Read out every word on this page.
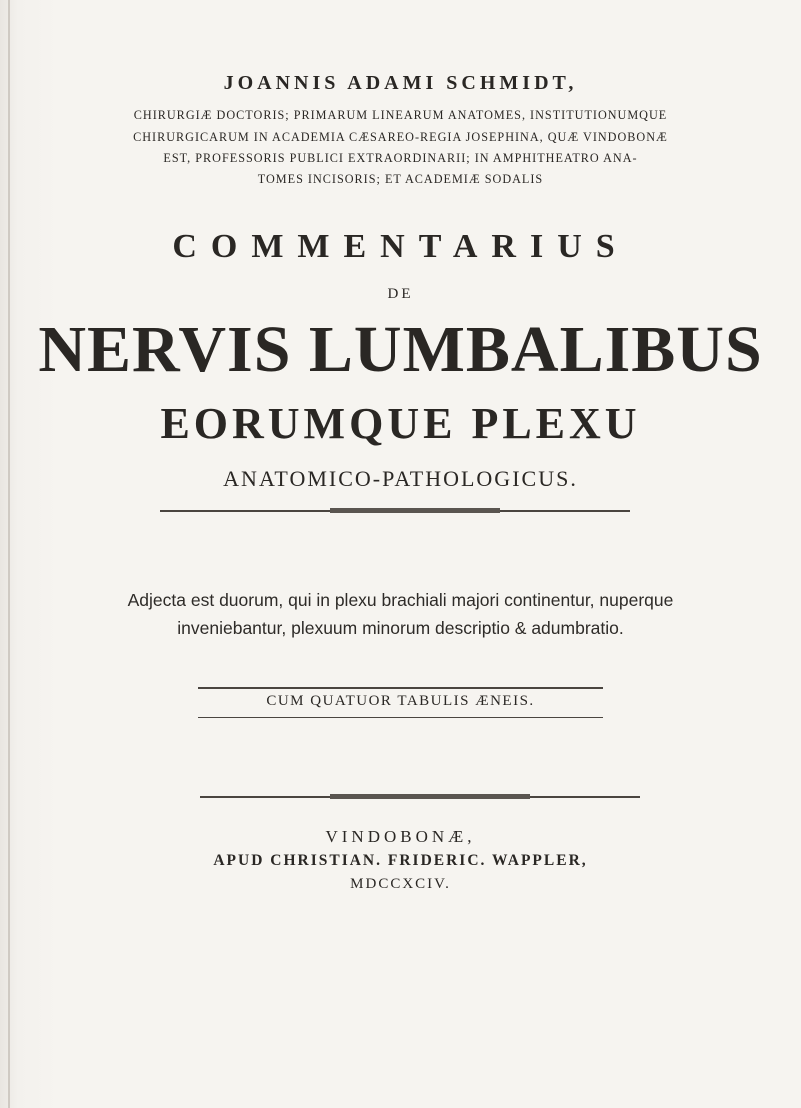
JOANNIS ADAMI SCHMIDT,
CHIRURGIÆ DOCTORIS; PRIMARUM LINEARUM ANATOMES, INSTITUTIONUMQUE
CHIRURGICARUM IN ACADEMIA CÆSAREO-REGIA JOSEPHINA, QUÆ VINDOBONÆ
EST, PROFESSORIS PUBLICI EXTRAORDINARII; IN AMPHITHEATRO ANA-
TOMES INCISORIS; ET ACADEMIÆ SODALIS
COMMENTARIUS
DE
NERVIS LUMBALIBUS
EORUMQUE PLEXU
ANATOMICO-PATHOLOGICUS.
Adjecta est duorum, qui in plexu brachiali majori continentur, nuperque
inveniebantur, plexuum minorum descriptio & adumbratio.
CUM QUATUOR TABULIS ÆNEIS.
VINDOBONÆ,
APUD CHRISTIAN. FRIDERIC. WAPPLER,
MDCCXCIV.
